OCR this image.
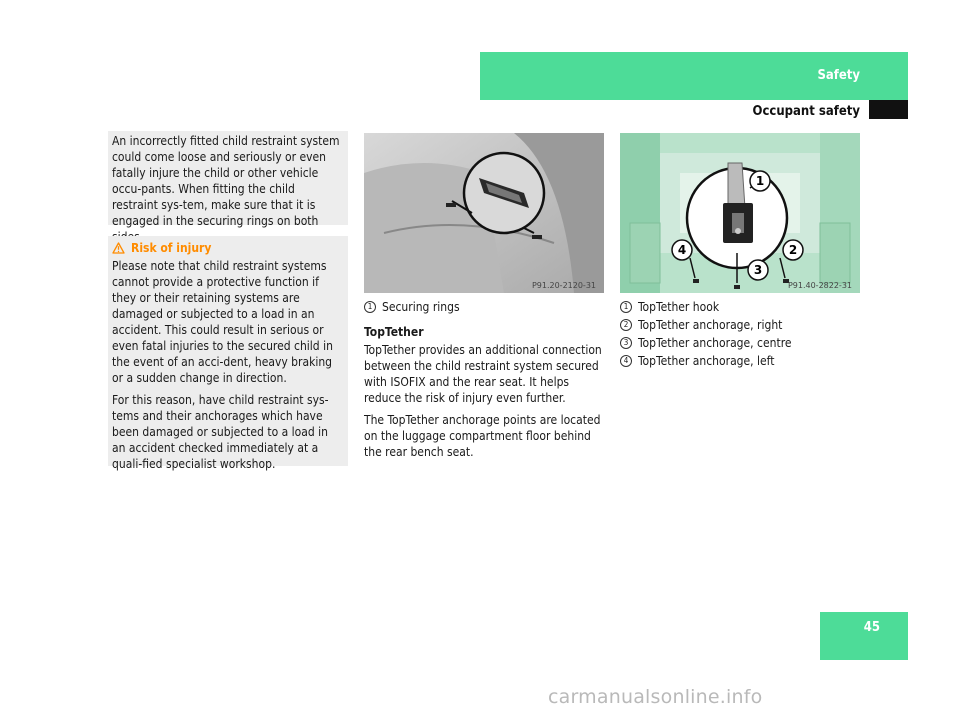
Safety
Occupant safety

An incorrectly fitted child restraint system could come loose and seriously or even fatally injure the child or other vehicle occu-pants. When fitting the child restraint sys-tem, make sure that it is engaged in the securing rings on both

Risk of injury

Please note that child restraint systems cannot provide a protective function if they or their retaining systems are damaged or subjected to a load in an accident. This could result in serious or even fatal injuries to the secured child in the event of an acci-dent, heavy braking or a sudden change in direction.

For this reason, have child restraint sys-tems and their anchorages which have been damaged or subjected to a load in an accident checked immediately at a quali-fied specialist workshop.

P91.20-2120-31
1 Securing rings

TopTether

TopTether provides an additional connection between the child restraint system secured with ISOFIX and the rear seat. It helps reduce the risk of injury even further.

The TopTether anchorage points are located on the luggage compartment floor behind the rear bench seat.

1
4	2
3
P91.40-2822-31
1 TopTether hook
2 TopTether anchorage, right
3 TopTether anchorage, centre
4 TopTether anchorage, left
45
carmanualsonline.info
